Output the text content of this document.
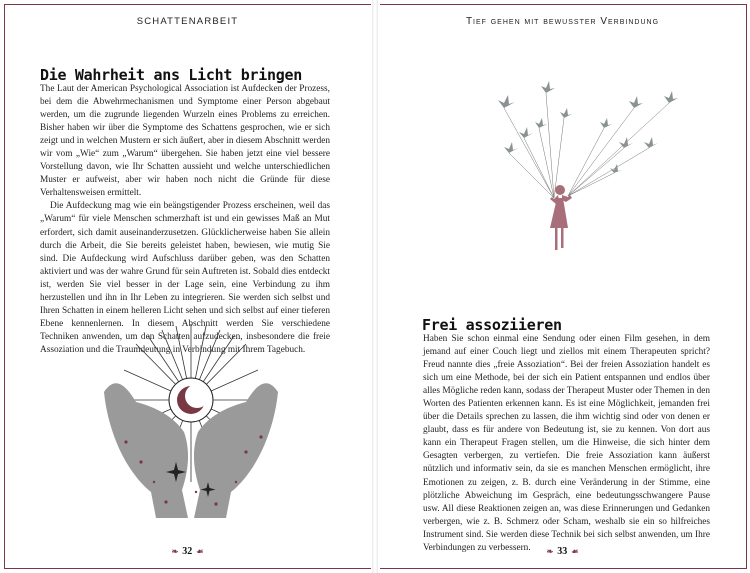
SCHATTENARBEIT	Tief gehen mit bewusster Verbindung
Die Wahrheit ans Licht bringen

The Laut der American Psychological Association ist Aufdecken der Prozess, bei dem die Abwehrmechanismen und Symptome einer Person abgebaut werden, um die zugrunde liegenden Wurzeln eines Problems zu erreichen. Bisher haben wir über die Symptome des Schattens gesprochen, wie er sich zeigt und in welchen Mustern er sich äußert, aber in diesem Abschnitt werden wir vom „Wie“ zum „Warum“ übergehen. Sie haben jetzt eine viel bessere Vorstellung davon, wie Ihr Schatten aussieht und welche unterschiedlichen Muster er aufweist, aber wir haben noch nicht die Gründe für diese Verhaltensweisen ermittelt.

Die Aufdeckung mag wie ein beängstigender Prozess erscheinen, weil das „Warum“ für viele Menschen schmerzhaft ist und ein gewisses Maß an Mut erfordert, sich damit auseinanderzusetzen. Glücklicherweise haben Sie allein durch die Arbeit, die Sie bereits geleistet haben, bewiesen, wie mutig Sie sind. Die Aufdeckung wird Aufschluss darüber geben, was den Schatten aktiviert und was der wahre Grund für sein Auftreten ist. Sobald dies entdeckt ist, werden Sie viel besser in der Lage sein, eine Verbindung zu ihm herzustellen und ihn in Ihr Leben zu integrieren. Sie werden sich selbst und Ihren Schatten in einem helleren Licht sehen und sich selbst auf einer tieferen Ebene kennenlernen. In diesem Abschnitt werden Sie verschiedene Techniken anwenden, um den Schatten aufzudecken, insbesondere die freie Assoziation und die Traumdeutung in Verbindung mit Ihrem Tagebuch.

❧ 32 ☙
Frei assoziieren

Haben Sie schon einmal eine Sendung oder einen Film gesehen, in dem jemand auf einer Couch liegt und ziellos mit einem Therapeuten spricht? Freud nannte dies „freie Assoziation“. Bei der freien Assoziation handelt es sich um eine Methode, bei der sich ein Patient entspannen und endlos über alles Mögliche reden kann, sodass der Therapeut Muster oder Themen in den Worten des Patienten erkennen kann. Es ist eine Möglichkeit, jemanden frei über die Details sprechen zu lassen, die ihm wichtig sind oder von denen er glaubt, dass es für andere von Bedeutung ist, sie zu kennen. Von dort aus kann ein Therapeut Fragen stellen, um die Hinweise, die sich hinter dem Gesagten verbergen, zu vertiefen. Die freie Assoziation kann äußerst nützlich und informativ sein, da sie es manchen Menschen ermöglicht, ihre Emotionen zu zeigen, z. B. durch eine Veränderung in der Stimme, eine plötzliche Abweichung im Gespräch, eine bedeutungsschwangere Pause usw. All diese Reaktionen zeigen an, was diese Erinnerungen und Gedanken verbergen, wie z. B. Schmerz oder Scham, weshalb sie ein so hilfreiches Instrument sind. Sie werden diese Technik bei sich selbst anwenden, um Ihre Verbindungen zu verbessern.	❧ 33 ☙
